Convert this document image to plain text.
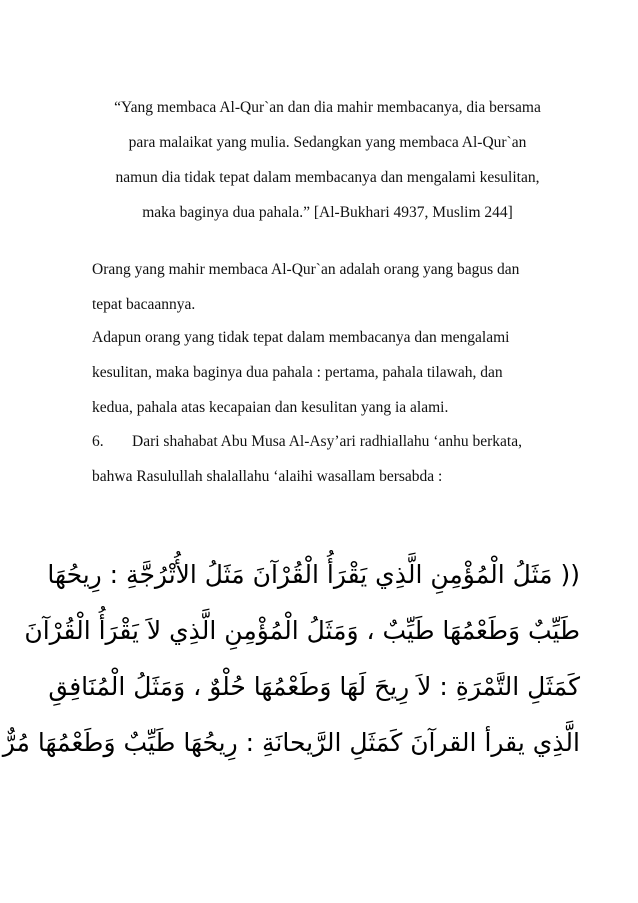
“Yang membaca Al-Qur`an dan dia mahir membacanya, dia bersama
para malaikat yang mulia. Sedangkan yang membaca Al-Qur`an
namun dia tidak tepat dalam membacanya dan mengalami kesulitan,
maka baginya dua pahala.” [Al-Bukhari 4937, Muslim 244]
Orang yang mahir membaca Al-Qur`an adalah orang yang bagus dan
tepat bacaannya.
Adapun orang yang tidak tepat dalam membacanya dan mengalami
kesulitan, maka baginya dua pahala : pertama, pahala tilawah, dan
kedua, pahala atas kecapaian dan kesulitan yang ia alami.
6. Dari shahabat Abu Musa Al-Asy’ari radhiallahu ‘anhu berkata,
bahwa Rasulullah shalallahu ‘alaihi wasallam bersabda :
(( مَثَلُ الْمُؤْمِنِ الَّذِي يَقْرَأُ الْقُرْآنَ مَثَلُ الأُتْرُجَّةِ : رِيحُهَا
طَيِّبٌ وَطَعْمُهَا طَيِّبٌ ، وَمَثَلُ الْمُؤْمِنِ الَّذِي لاَ يَقْرَأُ الْقُرْآنَ
كَمَثَلِ التَّمْرَةِ : لاَ رِيحَ لَهَا وَطَعْمُهَا حُلْوٌ ، وَمَثَلُ الْمُنَافِقِ
الَّذِي يقرأ القرآنَ كَمَثَلِ الرَّيحانَةِ : رِيحُهَا طَيِّبٌ وَطَعْمُهَا مُرٌّ
